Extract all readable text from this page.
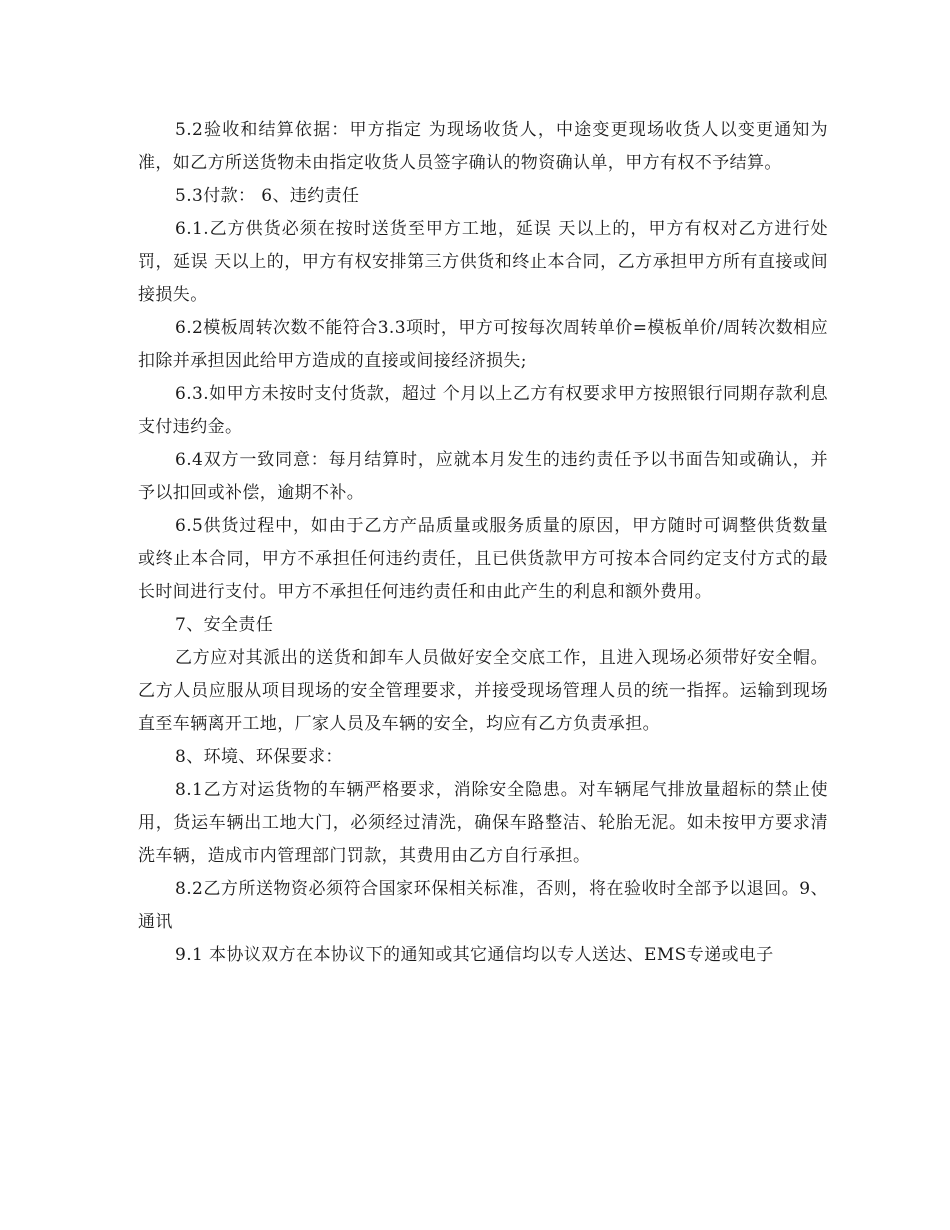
5.2验收和结算依据：甲方指定 为现场收货人，中途变更现场收货人以变更通知为准，如乙方所送货物未由指定收货人员签字确认的物资确认单，甲方有权不予结算。

5.3付款： 6、违约责任

6.1.乙方供货必须在按时送货至甲方工地，延误 天以上的，甲方有权对乙方进行处罚，延误 天以上的，甲方有权安排第三方供货和终止本合同，乙方承担甲方所有直接或间接损失。

6.2模板周转次数不能符合3.3项时，甲方可按每次周转单价=模板单价/周转次数相应扣除并承担因此给甲方造成的直接或间接经济损失;

6.3.如甲方未按时支付货款，超过 个月以上乙方有权要求甲方按照银行同期存款利息支付违约金。

6.4双方一致同意：每月结算时，应就本月发生的违约责任予以书面告知或确认，并予以扣回或补偿，逾期不补。

6.5供货过程中，如由于乙方产品质量或服务质量的原因，甲方随时可调整供货数量或终止本合同，甲方不承担任何违约责任，且已供货款甲方可按本合同约定支付方式的最长时间进行支付。甲方不承担任何违约责任和由此产生的利息和额外费用。

7、安全责任

乙方应对其派出的送货和卸车人员做好安全交底工作，且进入现场必须带好安全帽。乙方人员应服从项目现场的安全管理要求，并接受现场管理人员的统一指挥。运输到现场直至车辆离开工地，厂家人员及车辆的安全，均应有乙方负责承担。

8、环境、环保要求：

8.1乙方对运货物的车辆严格要求，消除安全隐患。对车辆尾气排放量超标的禁止使用，货运车辆出工地大门，必须经过清洗，确保车路整洁、轮胎无泥。如未按甲方要求清洗车辆，造成市内管理部门罚款，其费用由乙方自行承担。

8.2乙方所送物资必须符合国家环保相关标准，否则，将在验收时全部予以退回。9、通讯

9.1 本协议双方在本协议下的通知或其它通信均以专人送达、EMS专递或电子
